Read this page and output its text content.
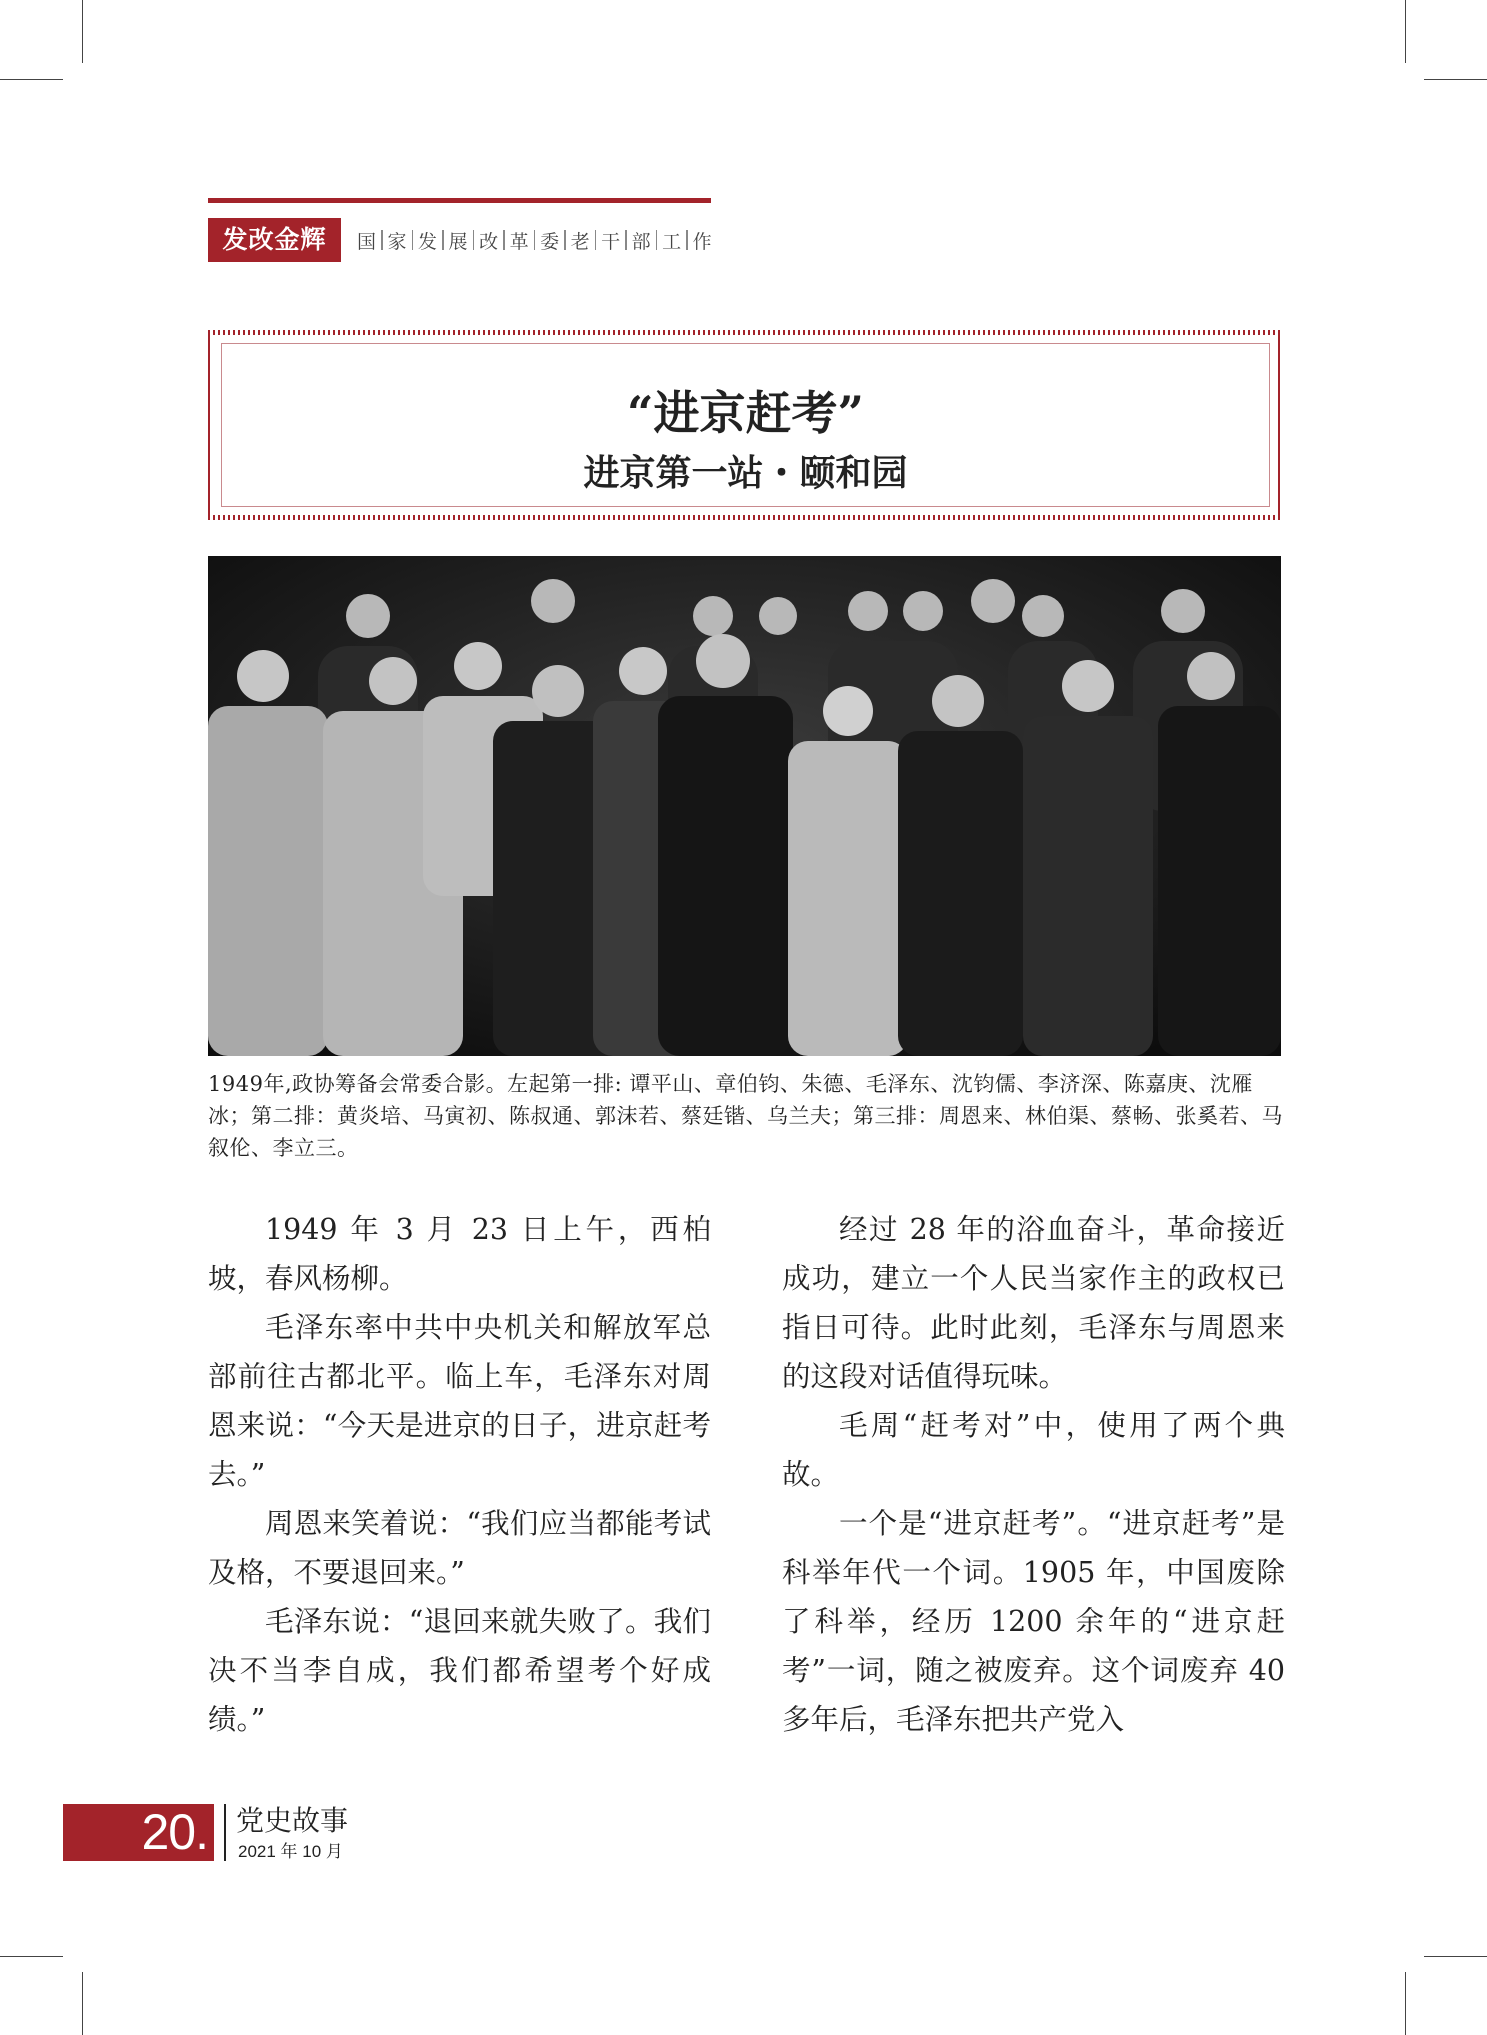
发改金辉	国 家 发 展 改 革 委 老 干 部 工 作
“进京赶考”
进京第一站・颐和园
1949年,政协筹备会常委合影。左起第一排: 谭平山、章伯钧、朱德、毛泽东、沈钧儒、李济深、陈嘉庚、沈雁冰；第二排：黄炎培、马寅初、陈叔通、郭沫若、蔡廷锴、乌兰夫；第三排：周恩来、林伯渠、蔡畅、张奚若、马叙伦、李立三。

1949 年 3 月 23 日上午，西柏坡，春风杨柳。

毛泽东率中共中央机关和解放军总部前往古都北平。临上车，毛泽东对周恩来说：“今天是进京的日子，进京赶考去。”

周恩来笑着说：“我们应当都能考试及格，不要退回来。”

毛泽东说：“退回来就失败了。我们决不当李自成，我们都希望考个好成绩。”

经过 28 年的浴血奋斗，革命接近成功，建立一个人民当家作主的政权已指日可待。此时此刻，毛泽东与周恩来的这段对话值得玩味。

毛周“赶考对”中，使用了两个典故。

一个是“进京赶考”。“进京赶考”是科举年代一个词。1905 年，中国废除了科举，经历 1200 余年的“进京赶考”一词，随之被废弃。这个词废弃 40 多年后，毛泽东把共产党入

20. 党史故事
2021 年 10 月
